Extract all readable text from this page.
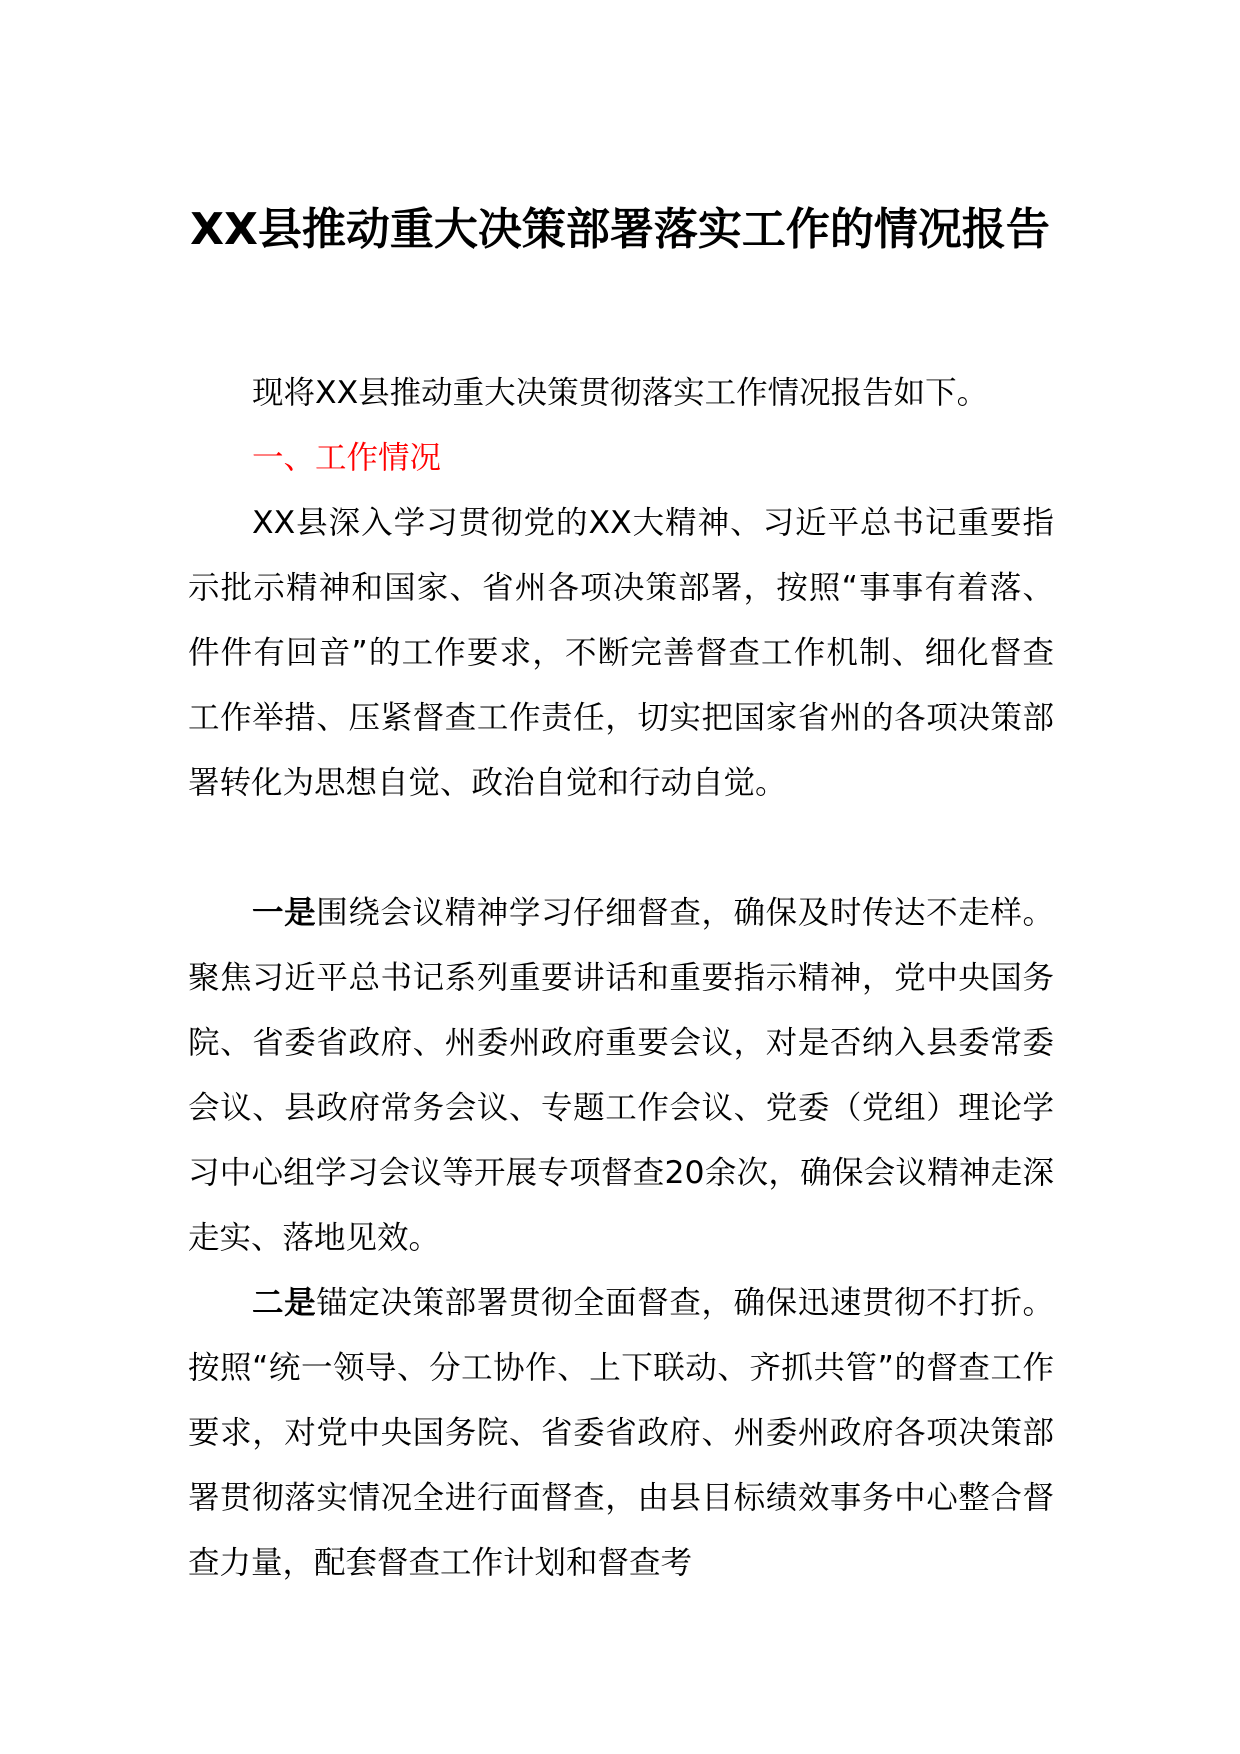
XX县推动重大决策部署落实工作的情况报告

现将XX县推动重大决策贯彻落实工作情况报告如下。

一、工作情况

XX县深入学习贯彻党的XX大精神、习近平总书记重要指示批示精神和国家、省州各项决策部署，按照“事事有着落、件件有回音”的工作要求，不断完善督查工作机制、细化督查工作举措、压紧督查工作责任，切实把国家省州的各项决策部署转化为思想自觉、政治自觉和行动自觉。

一是围绕会议精神学习仔细督查，确保及时传达不走样。聚焦习近平总书记系列重要讲话和重要指示精神，党中央国务院、省委省政府、州委州政府重要会议，对是否纳入县委常委会议、县政府常务会议、专题工作会议、党委（党组）理论学习中心组学习会议等开展专项督查20余次，确保会议精神走深走实、落地见效。

二是锚定决策部署贯彻全面督查，确保迅速贯彻不打折。按照“统一领导、分工协作、上下联动、齐抓共管”的督查工作要求，对党中央国务院、省委省政府、州委州政府各项决策部署贯彻落实情况全进行面督查，由县目标绩效事务中心整合督查力量，配套督查工作计划和督查考
